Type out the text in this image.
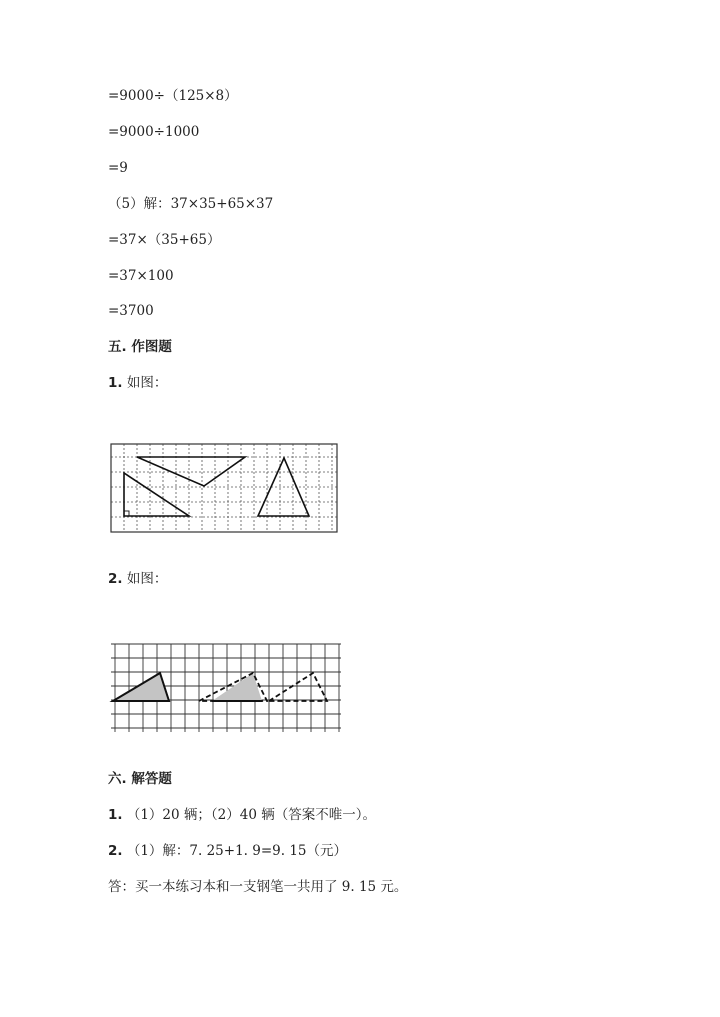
=9000÷（125×8）
=9000÷1000
=9
（5）解：37×35+65×37
=37×（35+65）
=37×100
=3700
五. 作图题
1. 如图：
2. 如图：
六. 解答题
1. （1）20 辆；（2）40 辆（答案不唯一）。
2. （1）解：7. 25+1. 9=9. 15（元）
答：买一本练习本和一支钢笔一共用了 9. 15 元。
